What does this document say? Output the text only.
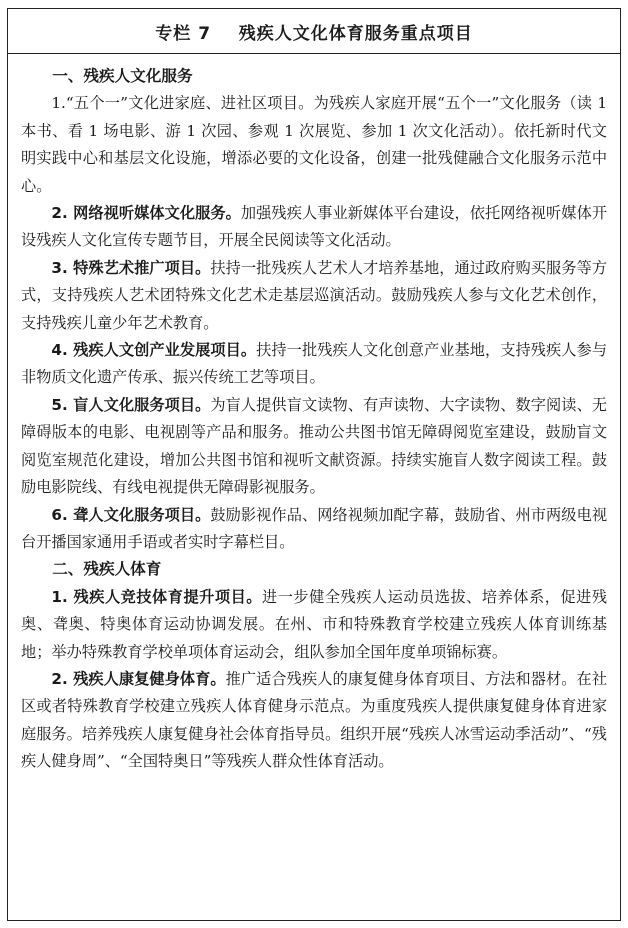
专栏 7    残疾人文化体育服务重点项目

一、残疾人文化服务

1.“五个一”文化进家庭、进社区项目。为残疾人家庭开展“五个一”文化服务（读 1 本书、看 1 场电影、游 1 次园、参观 1 次展览、参加 1 次文化活动）。依托新时代文明实践中心和基层文化设施，增添必要的文化设备，创建一批残健融合文化服务示范中心。

2. 网络视听媒体文化服务。加强残疾人事业新媒体平台建设，依托网络视听媒体开设残疾人文化宣传专题节目，开展全民阅读等文化活动。

3. 特殊艺术推广项目。扶持一批残疾人艺术人才培养基地，通过政府购买服务等方式，支持残疾人艺术团特殊文化艺术走基层巡演活动。鼓励残疾人参与文化艺术创作，支持残疾儿童少年艺术教育。

4. 残疾人文创产业发展项目。扶持一批残疾人文化创意产业基地，支持残疾人参与非物质文化遗产传承、振兴传统工艺等项目。

5. 盲人文化服务项目。为盲人提供盲文读物、有声读物、大字读物、数字阅读、无障碍版本的电影、电视剧等产品和服务。推动公共图书馆无障碍阅览室建设，鼓励盲文阅览室规范化建设，增加公共图书馆和视听文献资源。持续实施盲人数字阅读工程。鼓励电影院线、有线电视提供无障碍影视服务。

6. 聋人文化服务项目。鼓励影视作品、网络视频加配字幕，鼓励省、州市两级电视台开播国家通用手语或者实时字幕栏目。

二、残疾人体育

1. 残疾人竞技体育提升项目。进一步健全残疾人运动员选拔、培养体系，促进残奥、聋奥、特奥体育运动协调发展。在州、市和特殊教育学校建立残疾人体育训练基地；举办特殊教育学校单项体育运动会，组队参加全国年度单项锦标赛。

2. 残疾人康复健身体育。推广适合残疾人的康复健身体育项目、方法和器材。在社区或者特殊教育学校建立残疾人体育健身示范点。为重度残疾人提供康复健身体育进家庭服务。培养残疾人康复健身社会体育指导员。组织开展“残疾人冰雪运动季活动”、“残疾人健身周”、“全国特奥日”等残疾人群众性体育活动。
